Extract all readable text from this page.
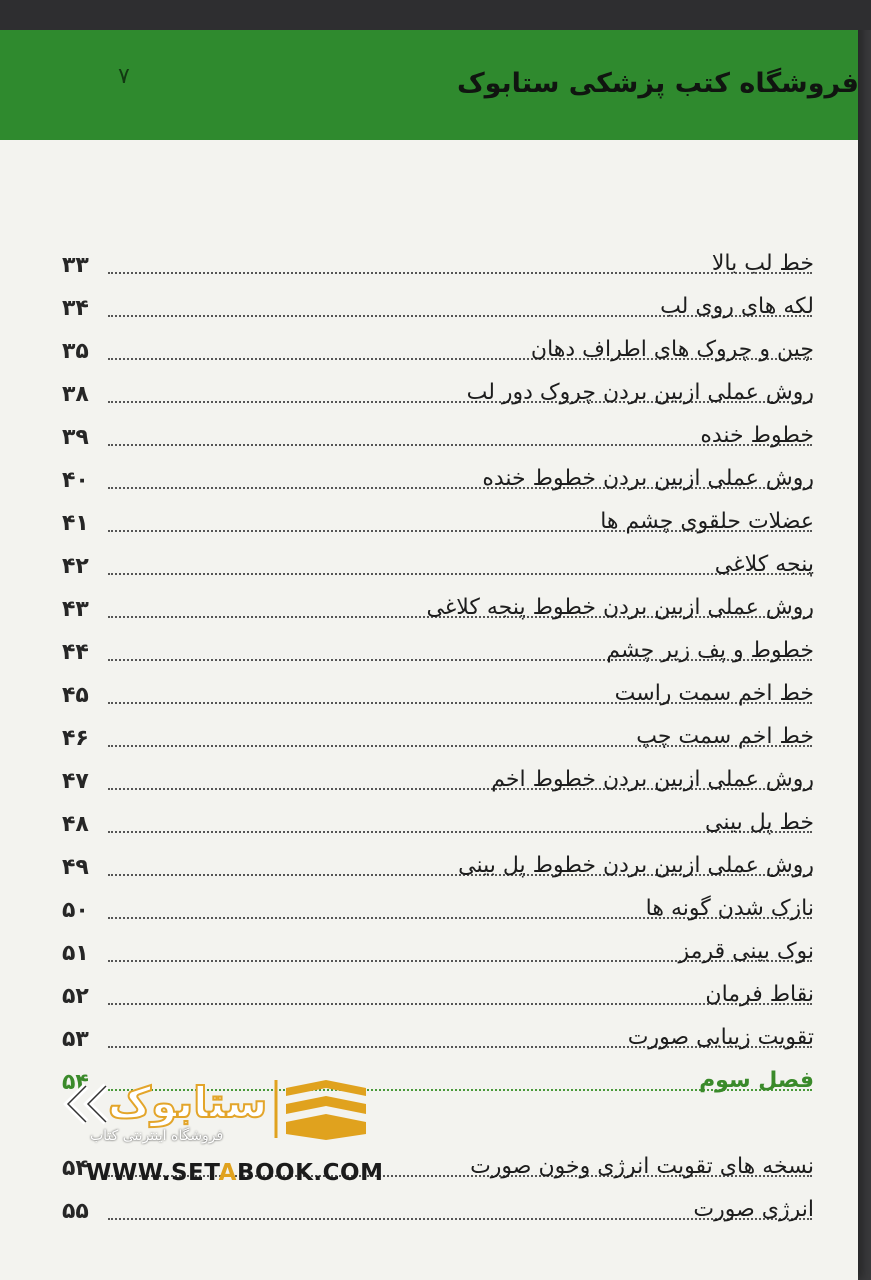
فروشگاه کتب پزشکی ستابوک
۷
خط لب بالا
۳۳
لکه های روی لب
۳۴
چین و چروک های اطراف دهان
۳۵
روش عملی ازبین بردن چروک دور لب
۳۸
خطوط خنده
۳۹
روش عملی ازبین بردن خطوط خنده
۴۰
عضلات حلقوی چشم ها
۴۱
پنجه کلاغی
۴۲
روش عملی ازبین بردن خطوط پنجه کلاغی
۴۳
خطوط و پف زیر چشم
۴۴
خط اخم سمت راست
۴۵
خط اخم سمت چپ
۴۶
روش عملی ازبین بردن خطوط اخم
۴۷
خط پل بینی
۴۸
روش عملی ازبین بردن خطوط پل بینی
۴۹
نازک شدن گونه ها
۵۰
نوک بینی قرمز
۵۱
نقاط فرمان
۵۲
تقویت زیبایی صورت
۵۳
فصل سوم
۵۴
نسخه های تقویت انرژی وخون صورت
۵۴
انرژی صورت
۵۵
ستابوک
فروشگاه اینترنتی کتاب
WWW.SETABOOK.COM
